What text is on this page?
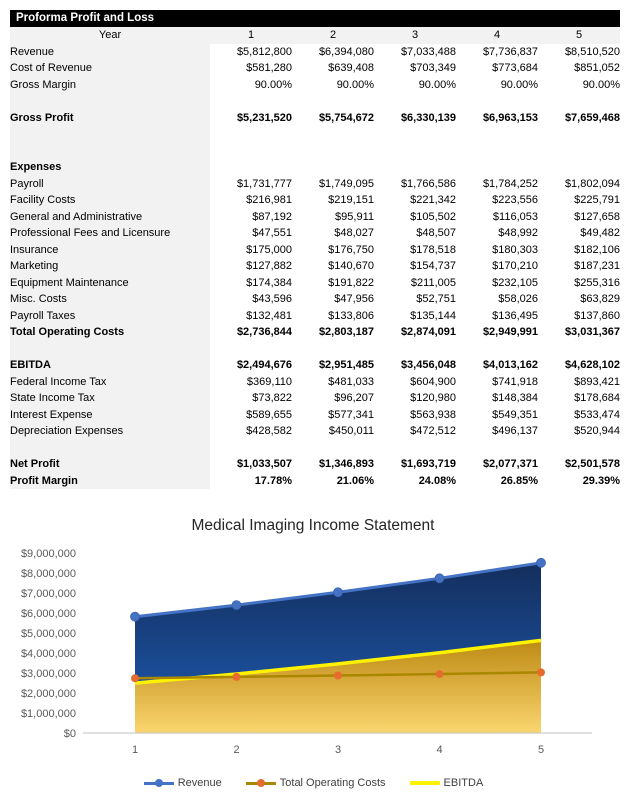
Proforma Profit and Loss
Year	1	2	3	4	5
Revenue	$5,812,800	$6,394,080	$7,033,488	$7,736,837	$8,510,520
Cost of Revenue	$581,280	$639,408	$703,349	$773,684	$851,052
Gross Margin	90.00%	90.00%	90.00%	90.00%	90.00%

Gross Profit	$5,231,520	$5,754,672	$6,330,139	$6,963,153	$7,659,468

Expenses					
Payroll	$1,731,777	$1,749,095	$1,766,586	$1,784,252	$1,802,094
Facility Costs	$216,981	$219,151	$221,342	$223,556	$225,791
General and Administrative	$87,192	$95,911	$105,502	$116,053	$127,658
Professional Fees and Licensure	$47,551	$48,027	$48,507	$48,992	$49,482
Insurance	$175,000	$176,750	$178,518	$180,303	$182,106
Marketing	$127,882	$140,670	$154,737	$170,210	$187,231
Equipment Maintenance	$174,384	$191,822	$211,005	$232,105	$255,316
Misc. Costs	$43,596	$47,956	$52,751	$58,026	$63,829
Payroll Taxes	$132,481	$133,806	$135,144	$136,495	$137,860
Total Operating Costs	$2,736,844	$2,803,187	$2,874,091	$2,949,991	$3,031,367

EBITDA	$2,494,676	$2,951,485	$3,456,048	$4,013,162	$4,628,102
Federal Income Tax	$369,110	$481,033	$604,900	$741,918	$893,421
State Income Tax	$73,822	$96,207	$120,980	$148,384	$178,684
Interest Expense	$589,655	$577,341	$563,938	$549,351	$533,474
Depreciation Expenses	$428,582	$450,011	$472,512	$496,137	$520,944

Net Profit	$1,033,507	$1,346,893	$1,693,719	$2,077,371	$2,501,578
Profit Margin	17.78%	21.06%	24.08%	26.85%	29.39%
$0
$1,000,000
$2,000,000
$3,000,000
$4,000,000
$5,000,000
$6,000,000
$7,000,000
$8,000,000
$9,000,000
1	2	3	4	5
Medical Imaging Income Statement
Revenue	Total Operating Costs	EBITDA
